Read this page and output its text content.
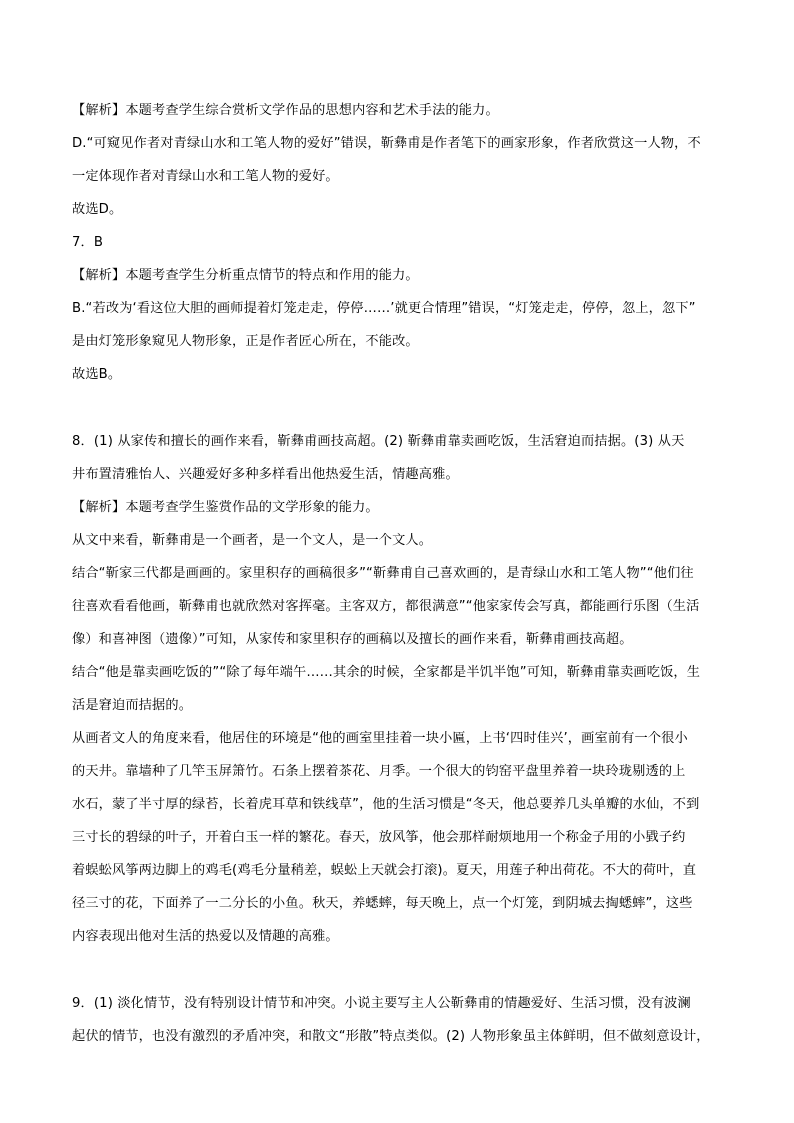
【解析】本题考查学生综合赏析文学作品的思想内容和艺术手法的能力。
D.“可窥见作者对青绿山水和工笔人物的爱好”错误，靳彝甫是作者笔下的画家形象，作者欣赏这一人物，不
一定体现作者对青绿山水和工笔人物的爱好。
故选D。
7．B
【解析】本题考查学生分析重点情节的特点和作用的能力。
B.“若改为‘看这位大胆的画师提着灯笼走走，停停……’就更合情理”错误，“灯笼走走，停停，忽上，忽下”
是由灯笼形象窥见人物形象，正是作者匠心所在，不能改。
故选B。
8．(1) 从家传和擅长的画作来看，靳彝甫画技高超。(2) 靳彝甫靠卖画吃饭，生活窘迫而拮据。(3) 从天
井布置清雅怡人、兴趣爱好多种多样看出他热爱生活，情趣高雅。
【解析】本题考查学生鉴赏作品的文学形象的能力。
从文中来看，靳彝甫是一个画者，是一个文人，是一个文人。
结合“靳家三代都是画画的。家里积存的画稿很多”“靳彝甫自己喜欢画的，是青绿山水和工笔人物”“他们往
往喜欢看看他画，靳彝甫也就欣然对客挥毫。主客双方，都很满意”“他家家传会写真，都能画行乐图（生活
像）和喜神图（遗像）”可知，从家传和家里积存的画稿以及擅长的画作来看，靳彝甫画技高超。
结合“他是靠卖画吃饭的”“除了每年端午……其余的时候，全家都是半饥半饱”可知，靳彝甫靠卖画吃饭，生
活是窘迫而拮据的。
从画者文人的角度来看，他居住的环境是“他的画室里挂着一块小匾，上书‘四时佳兴’，画室前有一个很小
的天井。靠墙种了几竿玉屏箫竹。石条上摆着茶花、月季。一个很大的钧窑平盘里养着一块玲珑剔透的上
水石，蒙了半寸厚的绿苔，长着虎耳草和铁线草”，他的生活习惯是“冬天，他总要养几头单瓣的水仙，不到
三寸长的碧绿的叶子，开着白玉一样的繁花。春天，放风筝，他会那样耐烦地用一个称金子用的小戥子约
着蜈蚣风筝两边脚上的鸡毛(鸡毛分量稍差，蜈蚣上天就会打滚)。夏天，用莲子种出荷花。不大的荷叶，直
径三寸的花，下面养了一二分长的小鱼。秋天，养蟋蟀，每天晚上，点一个灯笼，到阴城去掏蟋蟀”，这些
内容表现出他对生活的热爱以及情趣的高雅。
9．(1) 淡化情节，没有特别设计情节和冲突。小说主要写主人公靳彝甫的情趣爱好、生活习惯，没有波澜
起伏的情节，也没有激烈的矛盾冲突，和散文“形散”特点类似。(2) 人物形象虽主体鲜明，但不做刻意设计，
